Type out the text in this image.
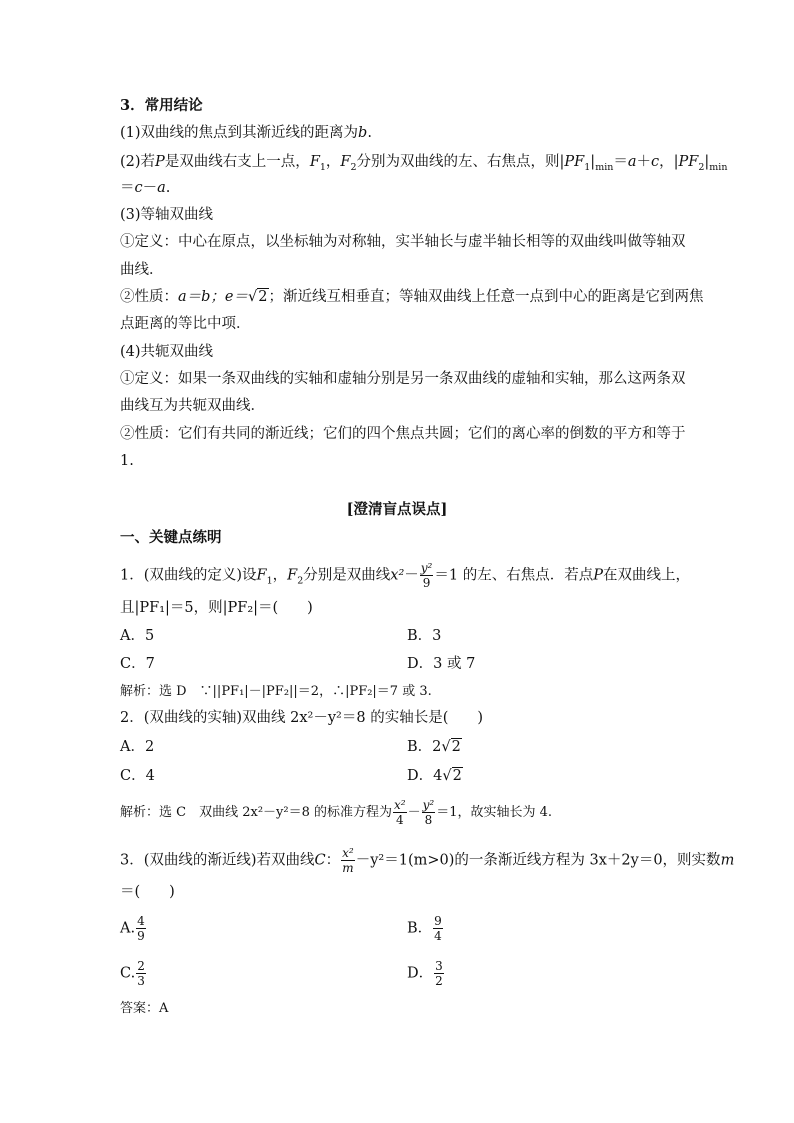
3．常用结论
(1)双曲线的焦点到其渐近线的距离为b.
(2)若P是双曲线右支上一点，$F_1$，$F_2$分别为双曲线的左、右焦点，则$|PF_1|_{min}=a+c$，$|PF_2|_{min}$
＝c－a.
(3)等轴双曲线
①定义：中心在原点，以坐标轴为对称轴，实半轴长与虚半轴长相等的双曲线叫做等轴双
曲线．
②性质：a＝b；e＝√2；渐近线互相垂直；等轴双曲线上任意一点到中心的距离是它到两焦
点距离的等比中项．
(4)共轭双曲线
①定义：如果一条双曲线的实轴和虚轴分别是另一条双曲线的虚轴和实轴，那么这两条双
曲线互为共轭双曲线．
②性质：它们有共同的渐近线；它们的四个焦点共圆；它们的离心率的倒数的平方和等于
1.
[澄清盲点误点]
一、关键点练明
1．(双曲线的定义)设$F_1$，$F_2$分别是双曲线$x^2- \frac{\text{y²}}{9} =1$ 的左、右焦点．若点P在双曲线上，
且|PF₁|＝5，则|PF₂|＝(　　)
A．5	B．3
C．7	D．3 或 7
解析：选 D　∵||PF₁|－|PF₂||＝2，∴|PF₂|＝7 或 3.
2．(双曲线的实轴)双曲线 2x²－y²＝8 的实轴长是(　　)
A．2	B．2√2
C．4	D．4√2
解析：选 C　双曲线 2x²－y²＝8 的标准方程为 $\frac{\text{x²}}{4} - \frac{\text{y²}}{8} =1$，故实轴长为 4.
3．(双曲线的渐近线)若双曲线C： $\frac{\text{x²}}{m} -y^2=1(m>0)$的一条渐近线方程为 3x＋2y＝0，则实数m
＝(　　)
A. $\frac{4}{9}$	B． $\frac{9}{4}$
C. $\frac{2}{3}$	D． $\frac{3}{2}$
答案：A
